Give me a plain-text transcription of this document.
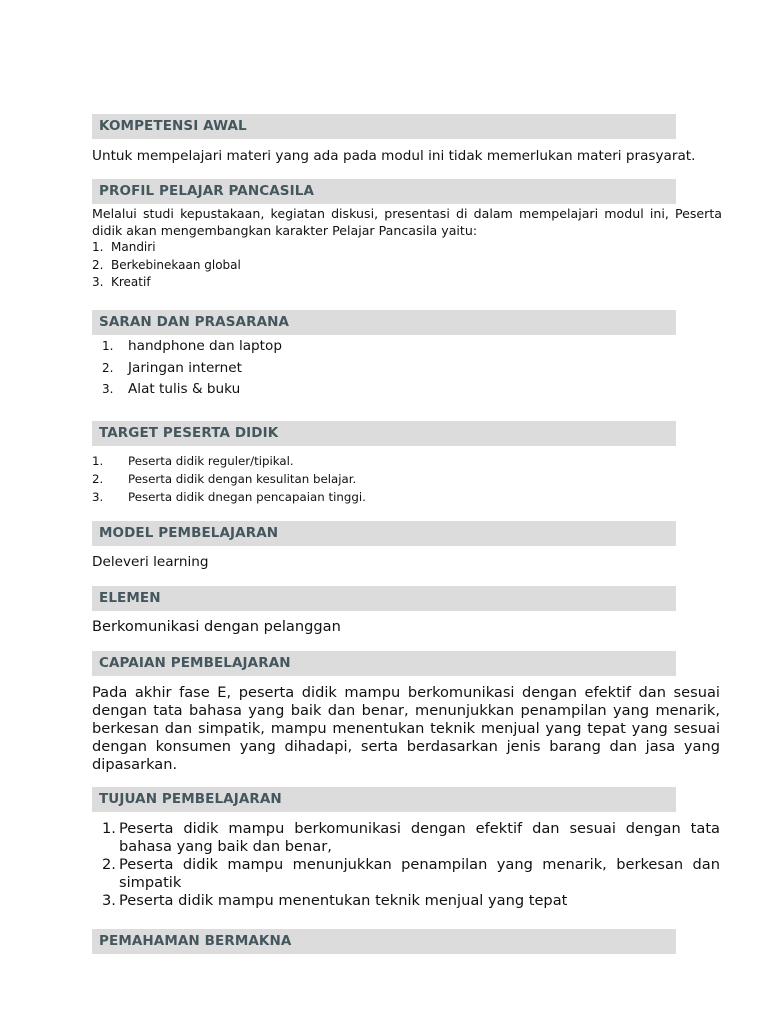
KOMPETENSI AWAL
Untuk mempelajari materi yang ada pada modul ini tidak memerlukan materi prasyarat.
PROFIL PELAJAR PANCASILA
Melalui studi kepustakaan, kegiatan diskusi, presentasi di dalam mempelajari modul ini, Peserta didik akan mengembangkan karakter Pelajar Pancasila yaitu:
1. Mandiri
2. Berkebinekaan global
3. Kreatif
SARAN DAN PRASARANA
1. handphone dan laptop
2. Jaringan internet
3. Alat tulis & buku
TARGET PESERTA DIDIK
1. Peserta didik reguler/tipikal.
2. Peserta didik dengan kesulitan belajar.
3. Peserta didik dnegan pencapaian tinggi.
MODEL PEMBELAJARAN
Deleveri learning
ELEMEN
Berkomunikasi dengan pelanggan
CAPAIAN PEMBELAJARAN
Pada akhir fase E, peserta didik mampu berkomunikasi dengan efektif dan sesuai dengan tata bahasa yang baik dan benar, menunjukkan penampilan yang menarik, berkesan dan simpatik, mampu menentukan teknik menjual yang tepat yang sesuai dengan konsumen yang dihadapi, serta berdasarkan jenis barang dan jasa yang dipasarkan.
TUJUAN PEMBELAJARAN
1. Peserta didik mampu berkomunikasi dengan efektif dan sesuai dengan tata bahasa yang baik dan benar,
2. Peserta didik mampu menunjukkan penampilan yang menarik, berkesan dan simpatik
3. Peserta didik mampu menentukan teknik menjual yang tepat
PEMAHAMAN BERMAKNA
